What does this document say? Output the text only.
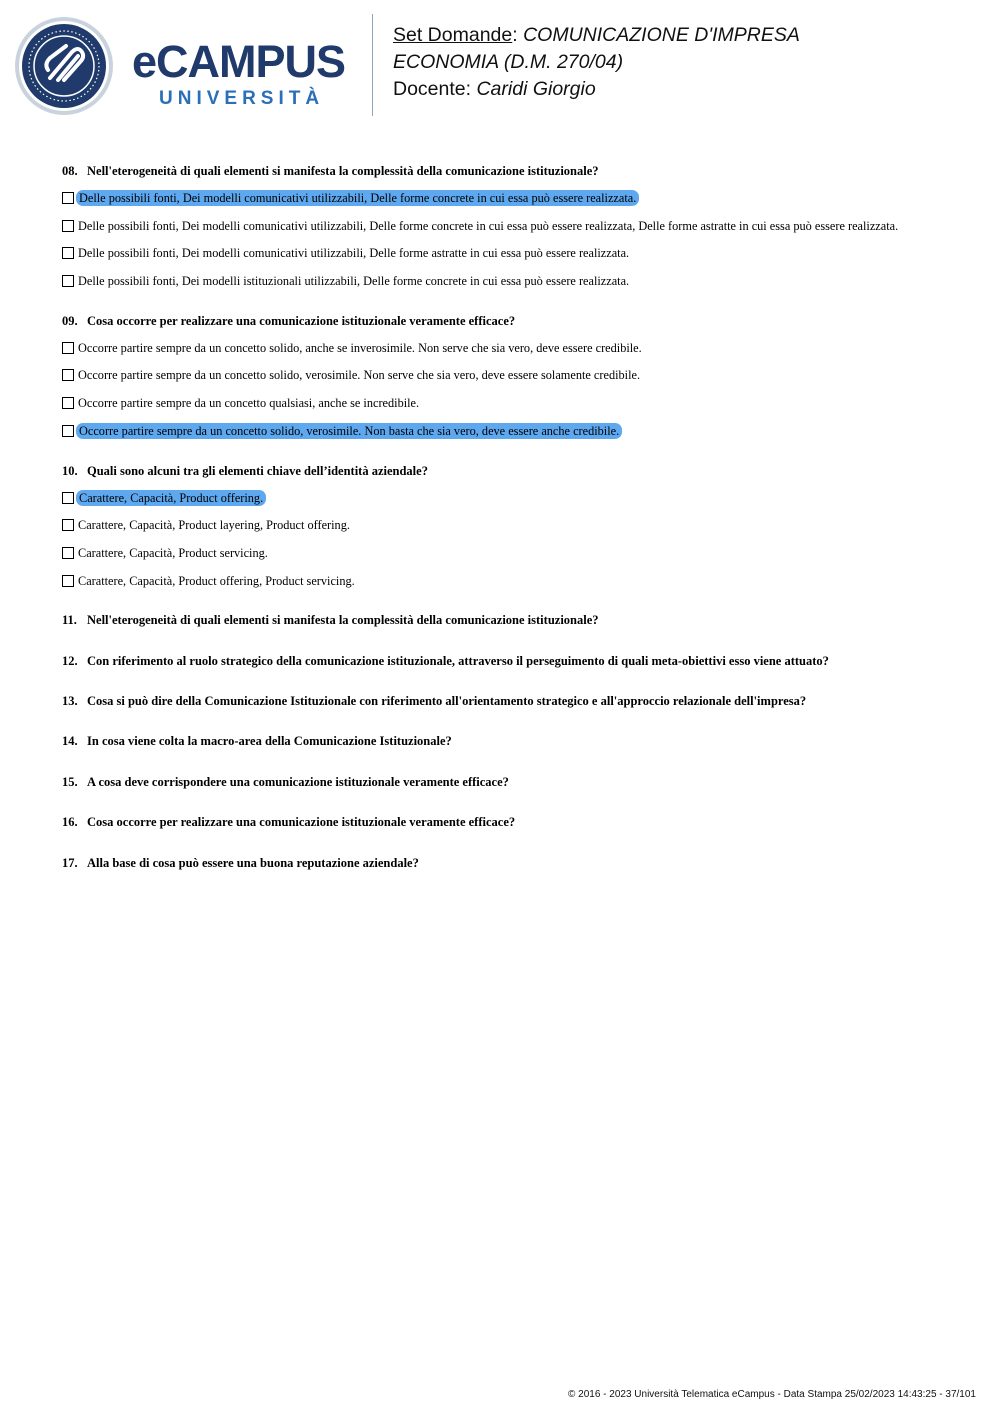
eCAMPUS
UNIVERSITÀ
Set Domande: COMUNICAZIONE D'IMPRESA
ECONOMIA (D.M. 270/04)
Docente: Caridi Giorgio
08. Nell'eterogeneità di quali elementi si manifesta la complessità della comunicazione istituzionale?
Delle possibili fonti, Dei modelli comunicativi utilizzabili, Delle forme concrete in cui essa può essere realizzata.
Delle possibili fonti, Dei modelli comunicativi utilizzabili, Delle forme concrete in cui essa può essere realizzata, Delle forme astratte in cui essa può essere realizzata.
Delle possibili fonti, Dei modelli comunicativi utilizzabili, Delle forme astratte in cui essa può essere realizzata.
Delle possibili fonti, Dei modelli istituzionali utilizzabili, Delle forme concrete in cui essa può essere realizzata.
09. Cosa occorre per realizzare una comunicazione istituzionale veramente efficace?
Occorre partire sempre da un concetto solido, anche se inverosimile. Non serve che sia vero, deve essere credibile.
Occorre partire sempre da un concetto solido, verosimile. Non serve che sia vero, deve essere solamente credibile.
Occorre partire sempre da un concetto qualsiasi, anche se incredibile.
Occorre partire sempre da un concetto solido, verosimile. Non basta che sia vero, deve essere anche credibile.
10. Quali sono alcuni tra gli elementi chiave dell’identità aziendale?
Carattere, Capacità, Product offering.
Carattere, Capacità, Product layering, Product offering.
Carattere, Capacità, Product servicing.
Carattere, Capacità, Product offering, Product servicing.
11. Nell'eterogeneità di quali elementi si manifesta la complessità della comunicazione istituzionale?
12. Con riferimento al ruolo strategico della comunicazione istituzionale, attraverso il perseguimento di quali meta-obiettivi esso viene attuato?
13. Cosa si può dire della Comunicazione Istituzionale con riferimento all'orientamento strategico e all'approccio relazionale dell'impresa?
14. In cosa viene colta la macro-area della Comunicazione Istituzionale?
15. A cosa deve corrispondere una comunicazione istituzionale veramente efficace?
16. Cosa occorre per realizzare una comunicazione istituzionale veramente efficace?
17. Alla base di cosa può essere una buona reputazione aziendale?
© 2016 - 2023 Università Telematica eCampus - Data Stampa 25/02/2023 14:43:25 - 37/101
